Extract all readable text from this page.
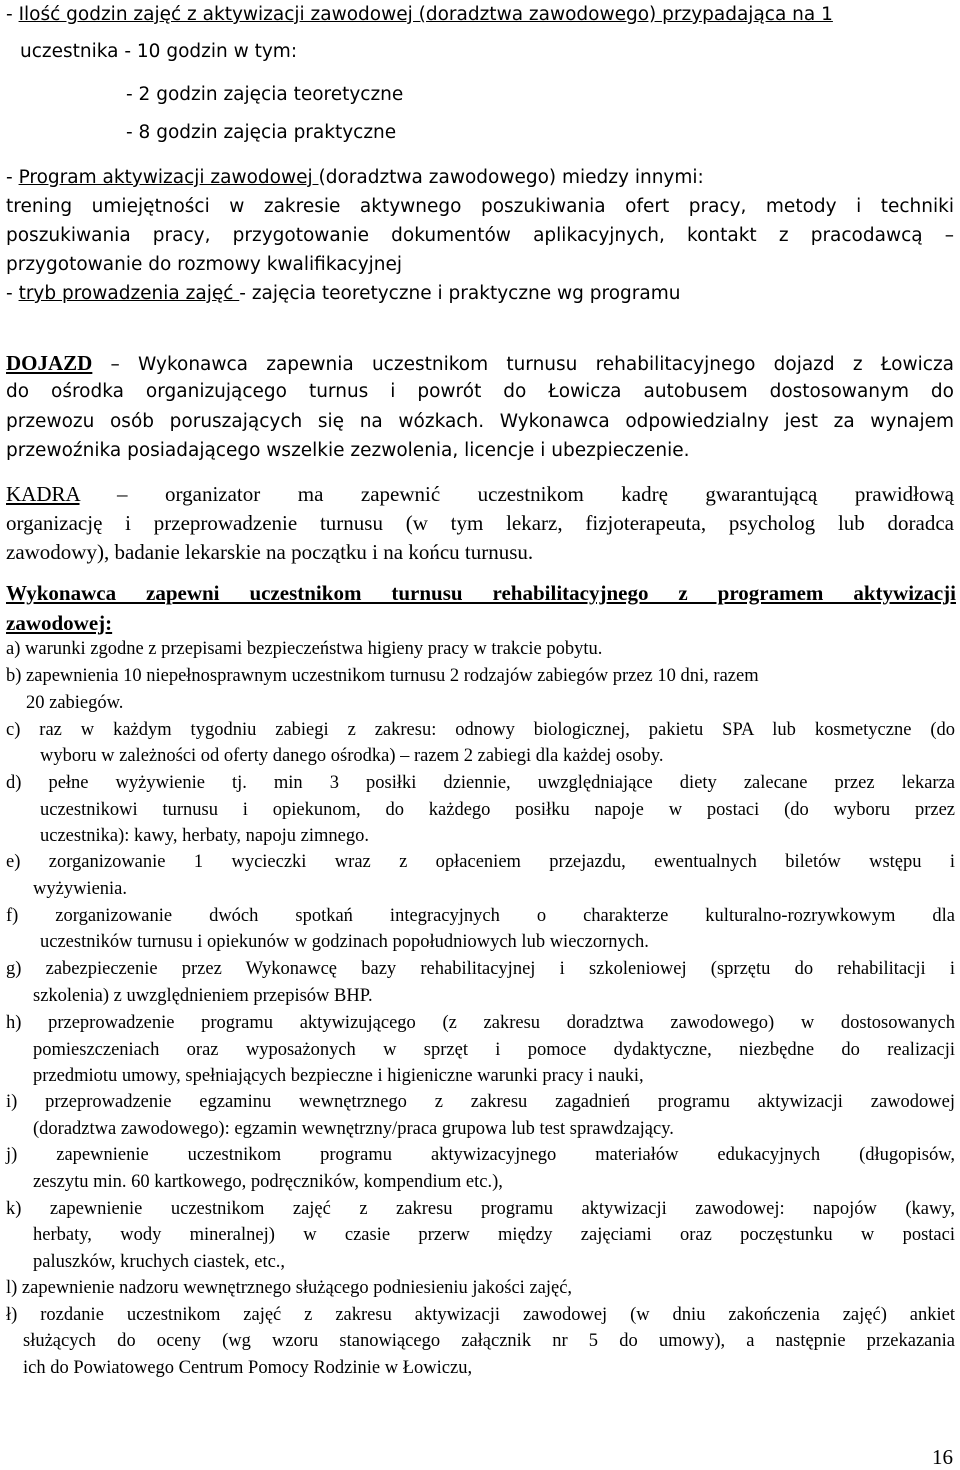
- Ilość godzin zajęć z aktywizacji zawodowej (doradztwa zawodowego) przypadająca na 1
uczestnika - 10 godzin w tym:
- 2 godzin zajęcia teoretyczne
- 8 godzin zajęcia praktyczne
- Program aktywizacji zawodowej (doradztwa zawodowego) miedzy innymi:
trening umiejętności w zakresie aktywnego poszukiwania ofert pracy, metody i techniki
poszukiwania pracy, przygotowanie dokumentów aplikacyjnych, kontakt z pracodawcą –
przygotowanie do rozmowy kwalifikacyjnej
- tryb prowadzenia zajęć - zajęcia teoretyczne i praktyczne wg programu
DOJAZD – Wykonawca zapewnia uczestnikom turnusu rehabilitacyjnego dojazd z Łowicza
do ośrodka organizującego turnus i powrót do Łowicza autobusem dostosowanym do
przewozu osób poruszających się na wózkach. Wykonawca odpowiedzialny jest za wynajem
przewoźnika posiadającego wszelkie zezwolenia, licencje i ubezpieczenie.
KADRA – organizator ma zapewnić uczestnikom kadrę gwarantującą prawidłową
organizację i przeprowadzenie turnusu (w tym lekarz, fizjoterapeuta, psycholog lub doradca
zawodowy), badanie lekarskie na początku i na końcu turnusu.
Wykonawca zapewni uczestnikom turnusu rehabilitacyjnego z programem aktywizacji
zawodowej:
a) warunki zgodne z przepisami bezpieczeństwa higieny pracy w trakcie pobytu.
b) zapewnienia 10 niepełnosprawnym uczestnikom turnusu 2 rodzajów zabiegów przez 10 dni, razem
20 zabiegów.
c) raz w każdym tygodniu zabiegi z zakresu: odnowy biologicznej, pakietu SPA lub kosmetyczne (do
wyboru w zależności od oferty danego ośrodka) – razem 2 zabiegi dla każdej osoby.
d) pełne wyżywienie tj. min 3 posiłki dziennie, uwzględniające diety zalecane przez lekarza
uczestnikowi turnusu i opiekunom, do każdego posiłku napoje w postaci (do wyboru przez
uczestnika): kawy, herbaty, napoju zimnego.
e) zorganizowanie 1 wycieczki wraz z opłaceniem przejazdu, ewentualnych biletów wstępu i
wyżywienia.
f) zorganizowanie dwóch spotkań integracyjnych o charakterze kulturalno-rozrywkowym dla
uczestników turnusu i opiekunów w godzinach popołudniowych lub wieczornych.
g) zabezpieczenie przez Wykonawcę bazy rehabilitacyjnej i szkoleniowej (sprzętu do rehabilitacji i
szkolenia) z uwzględnieniem przepisów BHP.
h) przeprowadzenie programu aktywizującego (z zakresu doradztwa zawodowego) w dostosowanych
pomieszczeniach oraz wyposażonych w sprzęt i pomoce dydaktyczne, niezbędne do realizacji
przedmiotu umowy, spełniających bezpieczne i higieniczne warunki pracy i nauki,
i) przeprowadzenie egzaminu wewnętrznego z zakresu zagadnień programu aktywizacji zawodowej
(doradztwa zawodowego): egzamin wewnętrzny/praca grupowa lub test sprawdzający.
j) zapewnienie uczestnikom programu aktywizacyjnego materiałów edukacyjnych (długopisów,
zeszytu min. 60 kartkowego, podręczników, kompendium etc.),
k) zapewnienie uczestnikom zajęć z zakresu programu aktywizacji zawodowej: napojów (kawy,
herbaty, wody mineralnej) w czasie przerw między zajęciami oraz poczęstunku w postaci
paluszków, kruchych ciastek, etc.,
l) zapewnienie nadzoru wewnętrznego służącego podniesieniu jakości zajęć,
ł) rozdanie uczestnikom zajęć z zakresu aktywizacji zawodowej (w dniu zakończenia zajęć) ankiet
służących do oceny (wg wzoru stanowiącego załącznik nr 5 do umowy), a następnie przekazania
ich do Powiatowego Centrum Pomocy Rodzinie w Łowiczu,
16
